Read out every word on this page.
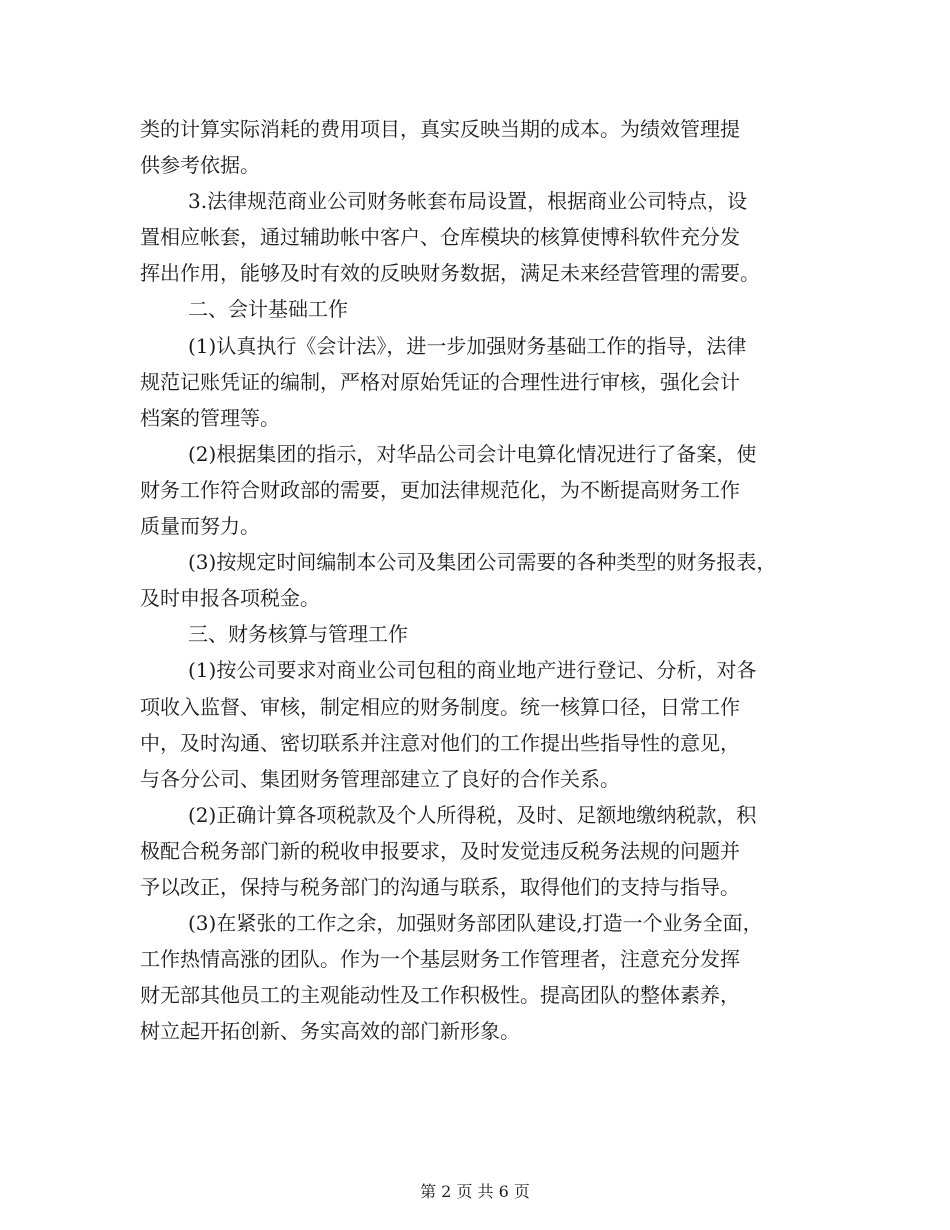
类的计算实际消耗的费用项目，真实反映当期的成本。为绩效管理提
供参考依据。
3.法律规范商业公司财务帐套布局设置，根据商业公司特点，设
置相应帐套，通过辅助帐中客户、仓库模块的核算使博科软件充分发
挥出作用，能够及时有效的反映财务数据，满足未来经营管理的需要。
二、会计基础工作
(1)认真执行《会计法》，进一步加强财务基础工作的指导，法律
规范记账凭证的编制，严格对原始凭证的合理性进行审核，强化会计
档案的管理等。
(2)根据集团的指示，对华品公司会计电算化情况进行了备案，使
财务工作符合财政部的需要，更加法律规范化，为不断提高财务工作
质量而努力。
(3)按规定时间编制本公司及集团公司需要的各种类型的财务报表，
及时申报各项税金。
三、财务核算与管理工作
(1)按公司要求对商业公司包租的商业地产进行登记、分析，对各
项收入监督、审核，制定相应的财务制度。统一核算口径，日常工作
中，及时沟通、密切联系并注意对他们的工作提出些指导性的意见，
与各分公司、集团财务管理部建立了良好的合作关系。
(2)正确计算各项税款及个人所得税，及时、足额地缴纳税款，积
极配合税务部门新的税收申报要求，及时发觉违反税务法规的问题并
予以改正，保持与税务部门的沟通与联系，取得他们的支持与指导。
(3)在紧张的工作之余，加强财务部团队建设,打造一个业务全面，
工作热情高涨的团队。作为一个基层财务工作管理者，注意充分发挥
财无部其他员工的主观能动性及工作积极性。提高团队的整体素养，
树立起开拓创新、务实高效的部门新形象。
第 2 页 共 6 页
